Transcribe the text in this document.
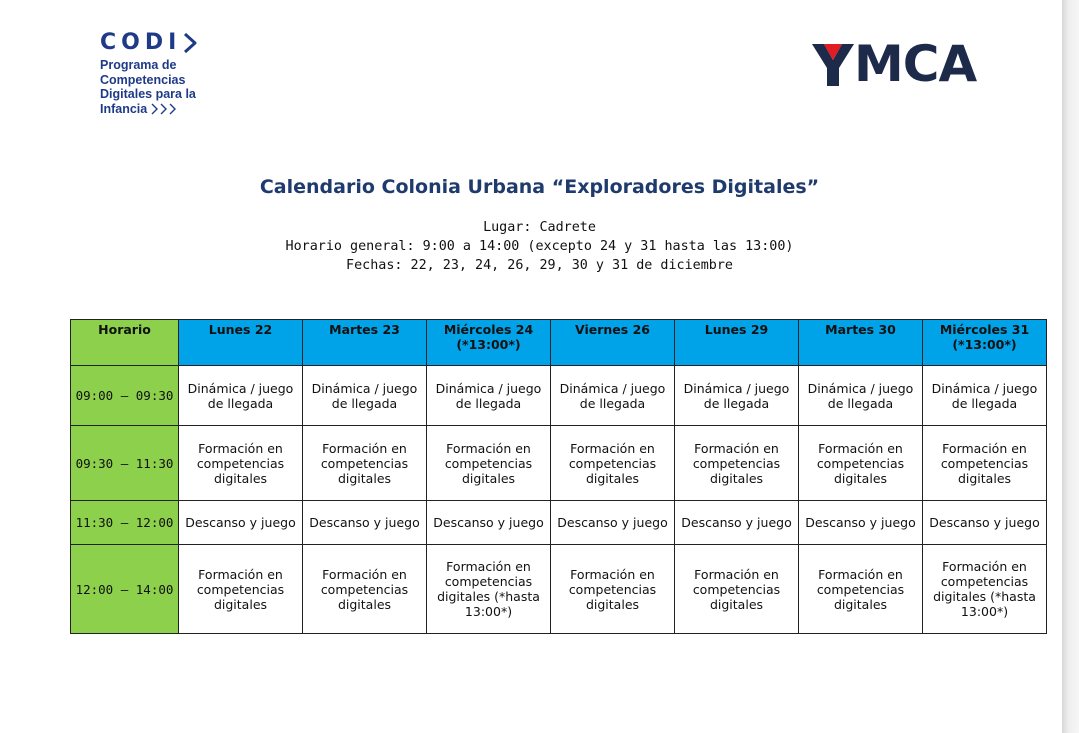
CODI
Programa de
Competencias
Digitales para la
Infancia
MCA
Calendario Colonia Urbana “Exploradores Digitales”
Lugar: Cadrete
Horario general: 9:00 a 14:00 (excepto 24 y 31 hasta las 13:00)
Fechas: 22, 23, 24, 26, 29, 30 y 31 de diciembre
Horario	Lunes 22	Martes 23	Miércoles 24 (*13:00*)	Viernes 26	Lunes 29	Martes 30	Miércoles 31 (*13:00*)
09:00 – 09:30	Dinámica / juego de llegada	Dinámica / juego de llegada	Dinámica / juego de llegada	Dinámica / juego de llegada	Dinámica / juego de llegada	Dinámica / juego de llegada	Dinámica / juego de llegada
09:30 – 11:30	Formación en competencias digitales	Formación en competencias digitales	Formación en competencias digitales	Formación en competencias digitales	Formación en competencias digitales	Formación en competencias digitales	Formación en competencias digitales
11:30 – 12:00	Descanso y juego	Descanso y juego	Descanso y juego	Descanso y juego	Descanso y juego	Descanso y juego	Descanso y juego
12:00 – 14:00	Formación en competencias digitales	Formación en competencias digitales	Formación en competencias digitales (*hasta 13:00*)	Formación en competencias digitales	Formación en competencias digitales	Formación en competencias digitales	Formación en competencias digitales (*hasta 13:00*)
